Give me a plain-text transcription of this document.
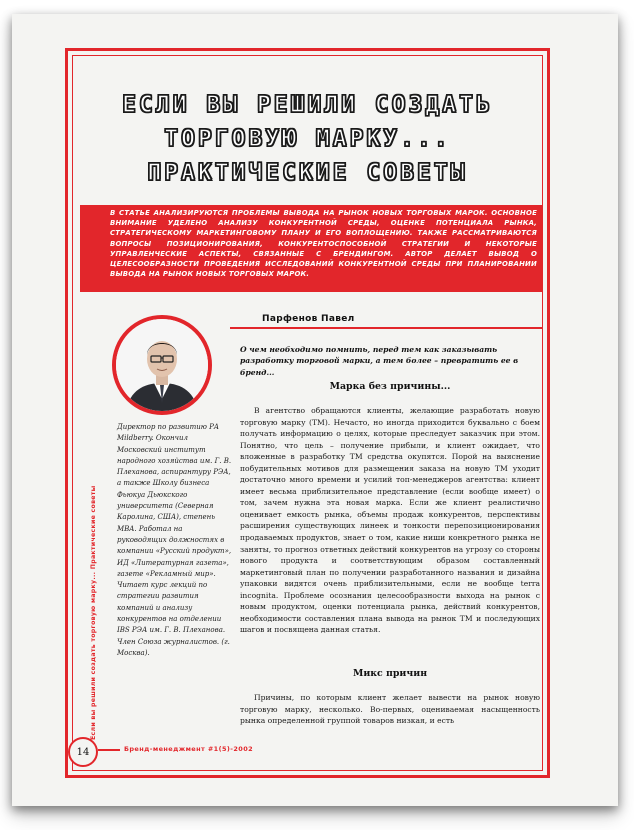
ЕСЛИ ВЫ РЕШИЛИ СОЗДАТЬ
ТОРГОВУЮ МАРКУ...
ПРАКТИЧЕСКИЕ СОВЕТЫ
В СТАТЬЕ АНАЛИЗИРУЮТСЯ ПРОБЛЕМЫ ВЫВОДА НА РЫНОК НОВЫХ ТОРГОВЫХ МАРОК. ОСНОВНОЕ ВНИМАНИЕ УДЕЛЕНО АНАЛИЗУ КОНКУРЕНТНОЙ СРЕДЫ, ОЦЕНКЕ ПОТЕНЦИАЛА РЫНКА, СТРАТЕГИЧЕСКОМУ МАРКЕТИНГОВОМУ ПЛАНУ И ЕГО ВОПЛОЩЕНИЮ. ТАКЖЕ РАССМАТРИВАЮТСЯ ВОПРОСЫ ПОЗИЦИОНИРОВАНИЯ, КОНКУРЕНТОСПОСОБНОЙ СТРАТЕГИИ И НЕКОТОРЫЕ УПРАВЛЕНЧЕСКИЕ АСПЕКТЫ, СВЯЗАННЫЕ С БРЕНДИНГОМ. АВТОР ДЕЛАЕТ ВЫВОД О ЦЕЛЕСООБРАЗНОСТИ ПРОВЕДЕНИЯ ИССЛЕДОВАНИЙ КОНКУРЕНТНОЙ СРЕДЫ ПРИ ПЛАНИРОВАНИИ ВЫВОДА НА РЫНОК НОВЫХ ТОРГОВЫХ МАРОК.
Парфенов Павел
Директор по развитию РА Mildberry. Окончил Московский институт народного хозяйства им. Г. В. Плеханова, аспирантуру РЭА, а также Школу бизнеса Фьюкуа Дьюкского университета (Северная Каролина, США), степень MBA. Работал на руководящих должностях в компании «Русский продукт», ИД «Литературная газета», газете «Рекламный мир». Читает курс лекций по стратегии развития компаний и анализу конкурентов на отделении IBS РЭА им. Г. В. Плеханова. Член Союза журналистов. (г. Москва).
Если вы решили создать торговую марку... Практические советы
О чем необходимо помнить, перед тем как заказывать разработку торговой марки, а тем более – превратить ее в бренд...
Марка без причины...

В агентство обращаются клиенты, желающие разработать новую торговую марку (ТМ). Нечасто, но иногда приходится буквально с боем получать информацию о целях, которые преследует заказчик при этом. Понятно, что цель – получение прибыли, и клиент ожидает, что вложенные в разработку ТМ средства окупятся. Порой на выяснение побудительных мотивов для размещения заказа на новую ТМ уходит достаточно много времени и усилий топ-менеджеров агентства: клиент имеет весьма приблизительное представление (если вообще имеет) о том, зачем нужна эта новая марка. Если же клиент реалистично оценивает емкость рынка, объемы продаж конкурентов, перспективы расширения существующих линеек и тонкости перепозиционирования продаваемых продуктов, знает о том, какие ниши конкретного рынка не заняты, то прогноз ответных действий конкурентов на угрозу со стороны нового продукта и соответствующим образом составленный маркетинговый план по получении разработанного названия и дизайна упаковки видятся очень приблизительными, если не вообще terra incognita. Проблеме осознания целесообразности выхода на рынок с новым продуктом, оценки потенциала рынка, действий конкурентов, необходимости составления плана вывода на рынок ТМ и последующих шагов и посвящена данная статья.

Микс причин

Причины, по которым клиент желает вывести на рынок новую торговую марку, несколько. Во-первых, оцениваемая насыщенность рынка определенной группой товаров низкая, и есть

14	Бренд-менеджмент #1(5)-2002
